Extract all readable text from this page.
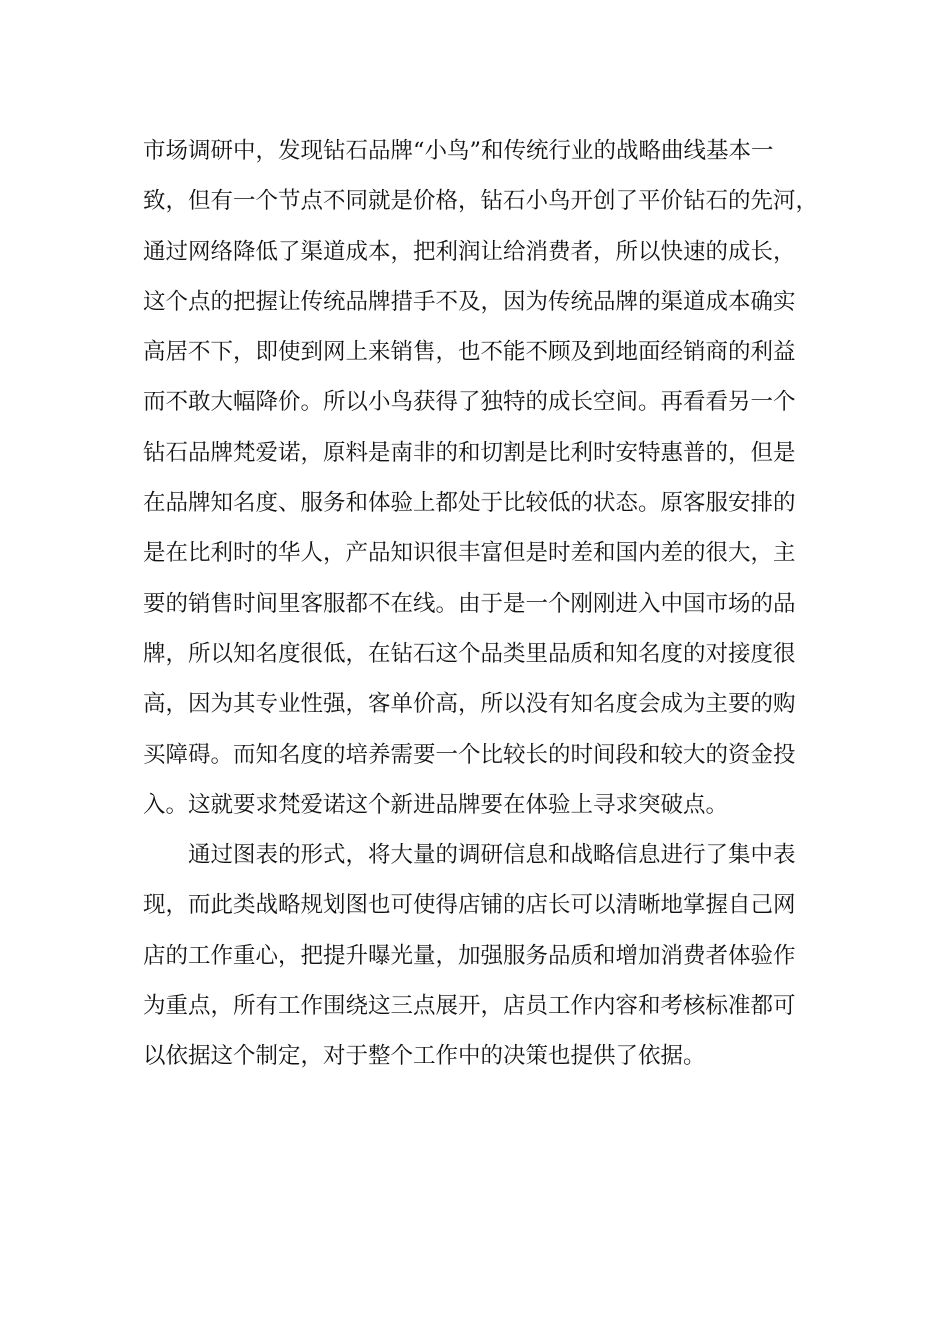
市场调研中，发现钻石品牌“小鸟”和传统行业的战略曲线基本一
致，但有一个节点不同就是价格，钻石小鸟开创了平价钻石的先河，
通过网络降低了渠道成本，把利润让给消费者，所以快速的成长，
这个点的把握让传统品牌措手不及，因为传统品牌的渠道成本确实
高居不下，即使到网上来销售，也不能不顾及到地面经销商的利益
而不敢大幅降价。所以小鸟获得了独特的成长空间。再看看另一个
钻石品牌梵爱诺，原料是南非的和切割是比利时安特惠普的，但是
在品牌知名度、服务和体验上都处于比较低的状态。原客服安排的
是在比利时的华人，产品知识很丰富但是时差和国内差的很大，主
要的销售时间里客服都不在线。由于是一个刚刚进入中国市场的品
牌，所以知名度很低，在钻石这个品类里品质和知名度的对接度很
高，因为其专业性强，客单价高，所以没有知名度会成为主要的购
买障碍。而知名度的培养需要一个比较长的时间段和较大的资金投
入。这就要求梵爱诺这个新进品牌要在体验上寻求突破点。
通过图表的形式，将大量的调研信息和战略信息进行了集中表
现，而此类战略规划图也可使得店铺的店长可以清晰地掌握自己网
店的工作重心，把提升曝光量，加强服务品质和增加消费者体验作
为重点，所有工作围绕这三点展开，店员工作内容和考核标准都可
以依据这个制定，对于整个工作中的决策也提供了依据。
